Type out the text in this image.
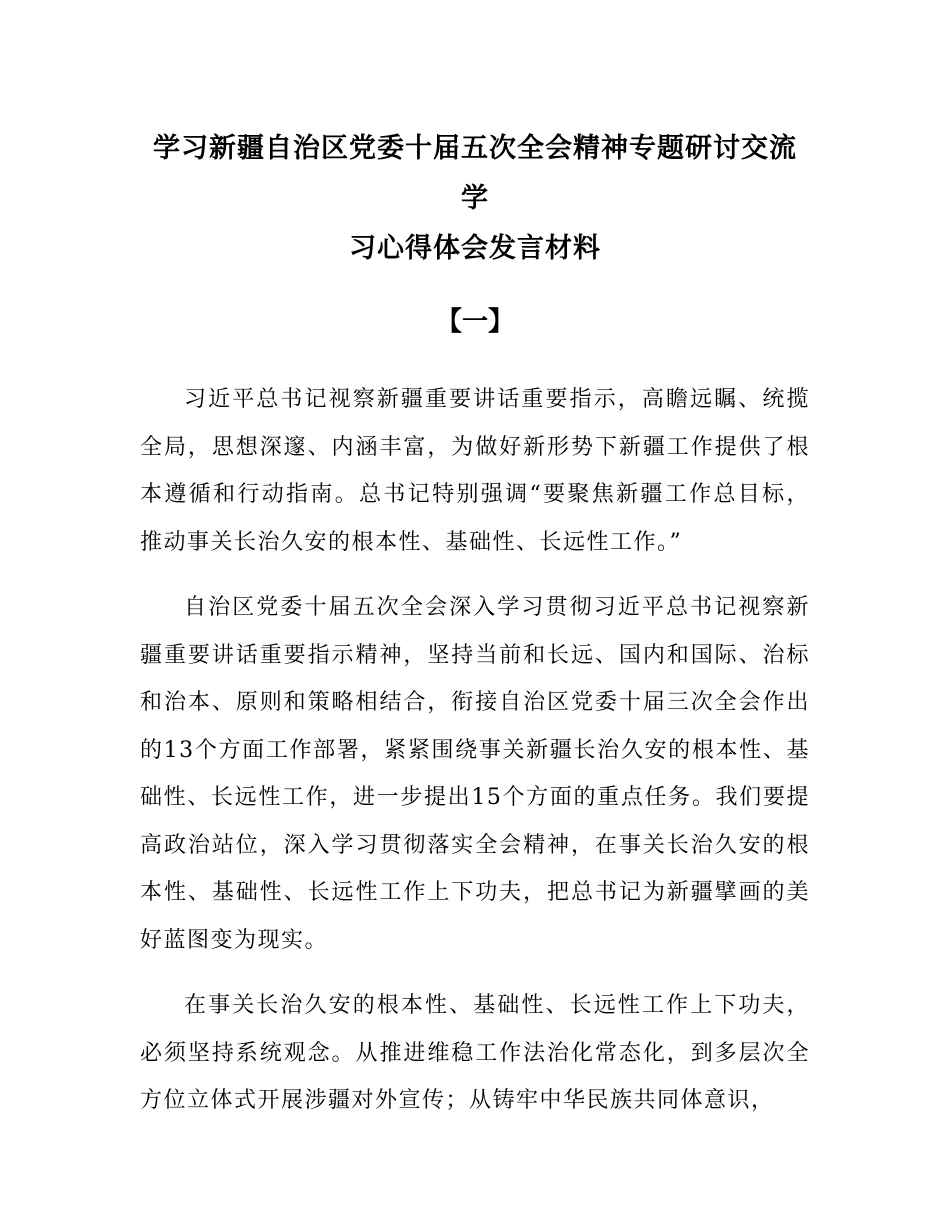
学习新疆自治区党委十届五次全会精神专题研讨交流学
习心得体会发言材料
【一】

习近平总书记视察新疆重要讲话重要指示，高瞻远瞩、统揽全局，思想深邃、内涵丰富，为做好新形势下新疆工作提供了根本遵循和行动指南。总书记特别强调“要聚焦新疆工作总目标，推动事关长治久安的根本性、基础性、长远性工作。”

自治区党委十届五次全会深入学习贯彻习近平总书记视察新疆重要讲话重要指示精神，坚持当前和长远、国内和国际、治标和治本、原则和策略相结合，衔接自治区党委十届三次全会作出的13个方面工作部署，紧紧围绕事关新疆长治久安的根本性、基础性、长远性工作，进一步提出15个方面的重点任务。我们要提高政治站位，深入学习贯彻落实全会精神，在事关长治久安的根本性、基础性、长远性工作上下功夫，把总书记为新疆擘画的美好蓝图变为现实。

在事关长治久安的根本性、基础性、长远性工作上下功夫，必须坚持系统观念。从推进维稳工作法治化常态化，到多层次全方位立体式开展涉疆对外宣传；从铸牢中华民族共同体意识，
